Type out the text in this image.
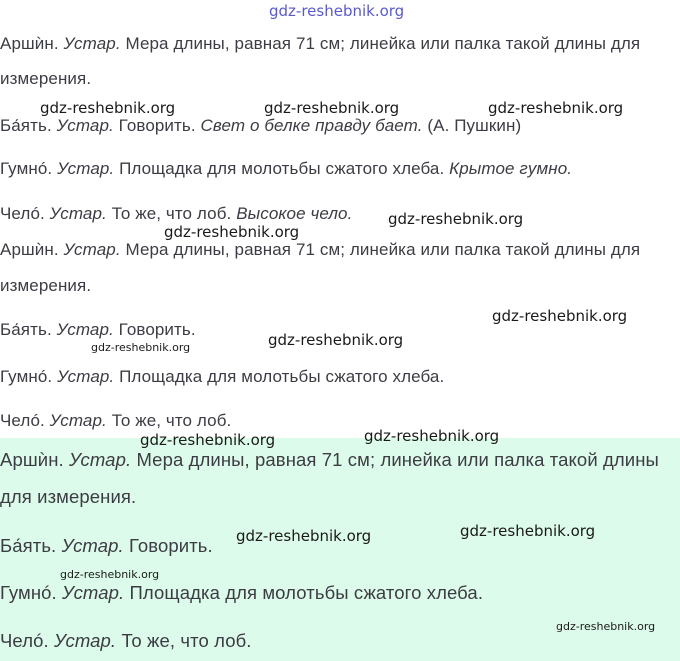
gdz-reshebnik.org
Аршѝн. Устар. Мера длины, равная 71 см; линейка или палка такой длины для
измерения.
Ба́ять. Устар. Говорить. Свет о белке правду бает. (А. Пушкин)
Гумнó. Устар. Площадка для молотьбы сжатого хлеба. Крытое гумно.
Челó. Устар. То же, что лоб. Высокое чело.
Аршѝн. Устар. Мера длины, равная 71 см; линейка или палка такой длины для
измерения.
Ба́ять. Устар. Говорить.
Гумнó. Устар. Площадка для молотьбы сжатого хлеба.
Челó. Устар. То же, что лоб.
Аршѝн. Устар. Мера длины, равная 71 см; линейка или палка такой длины
для измерения.
Ба́ять. Устар. Говорить.
Гумнó. Устар. Площадка для молотьбы сжатого хлеба.
Челó. Устар. То же, что лоб.
gdz-reshebnik.org	gdz-reshebnik.org	gdz-reshebnik.org
gdz-reshebnik.org
gdz-reshebnik.org
gdz-reshebnik.org
gdz-reshebnik.org
gdz-reshebnik.org
gdz-reshebnik.org
gdz-reshebnik.org
gdz-reshebnik.org
gdz-reshebnik.org
gdz-reshebnik.org
gdz-reshebnik.org
